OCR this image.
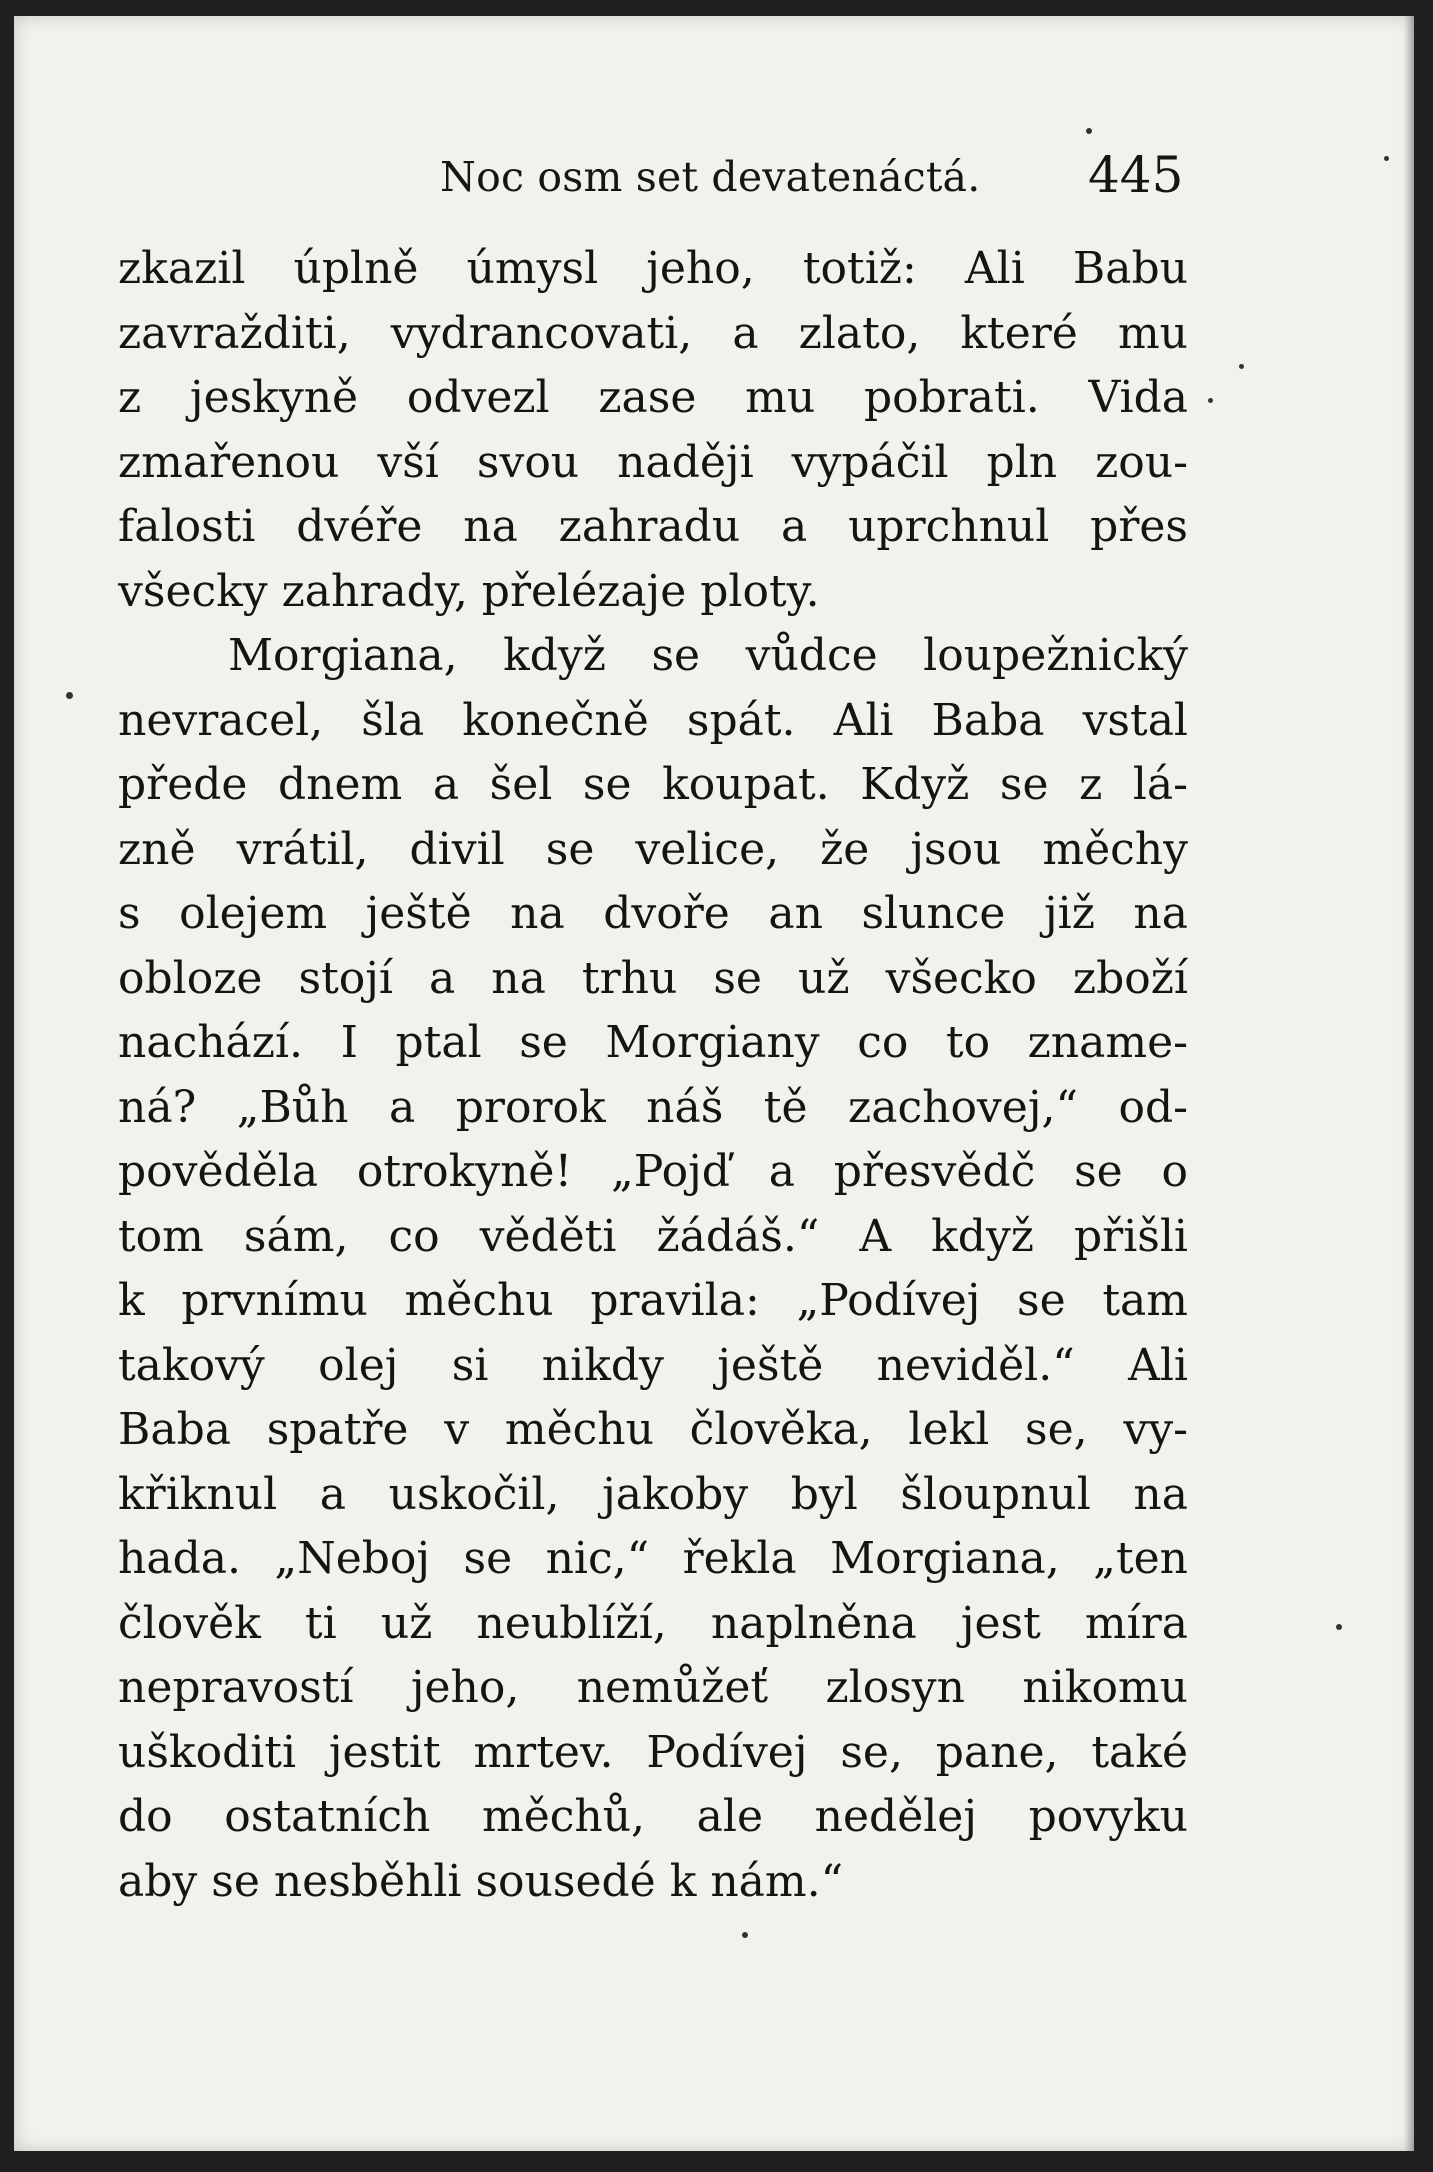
Noc osm set devatenáctá. 445
zkazil úplně úmysl jeho, totiž: Ali Babu
zavražditi, vydrancovati, a zlato, které mu
z jeskyně odvezl zase mu pobrati. Vida
zmařenou vší svou naději vypáčil pln zou-
falosti dvéře na zahradu a uprchnul přes
všecky zahrady, přelézaje ploty.
Morgiana, když se vůdce loupežnický
nevracel, šla konečně spát. Ali Baba vstal
přede dnem a šel se koupat. Když se z lá-
zně vrátil, divil se velice, že jsou měchy
s olejem ještě na dvoře an slunce již na
obloze stojí a na trhu se už všecko zboží
nachází. I ptal se Morgiany co to zname-
ná? „Bůh a prorok náš tě zachovej,“ od-
pověděla otrokyně! „Pojď a přesvědč se o
tom sám, co věděti žádáš.“ A když přišli
k prvnímu měchu pravila: „Podívej se tam
takový olej si nikdy ještě neviděl.“ Ali
Baba spatře v měchu člověka, lekl se, vy-
křiknul a uskočil, jakoby byl šloupnul na
hada. „Neboj se nic,“ řekla Morgiana, „ten
člověk ti už neublíží, naplněna jest míra
nepravostí jeho, nemůžeť zlosyn nikomu
uškoditi jestit mrtev. Podívej se, pane, také
do ostatních měchů, ale nedělej povyku
aby se nesběhli sousedé k nám.“
